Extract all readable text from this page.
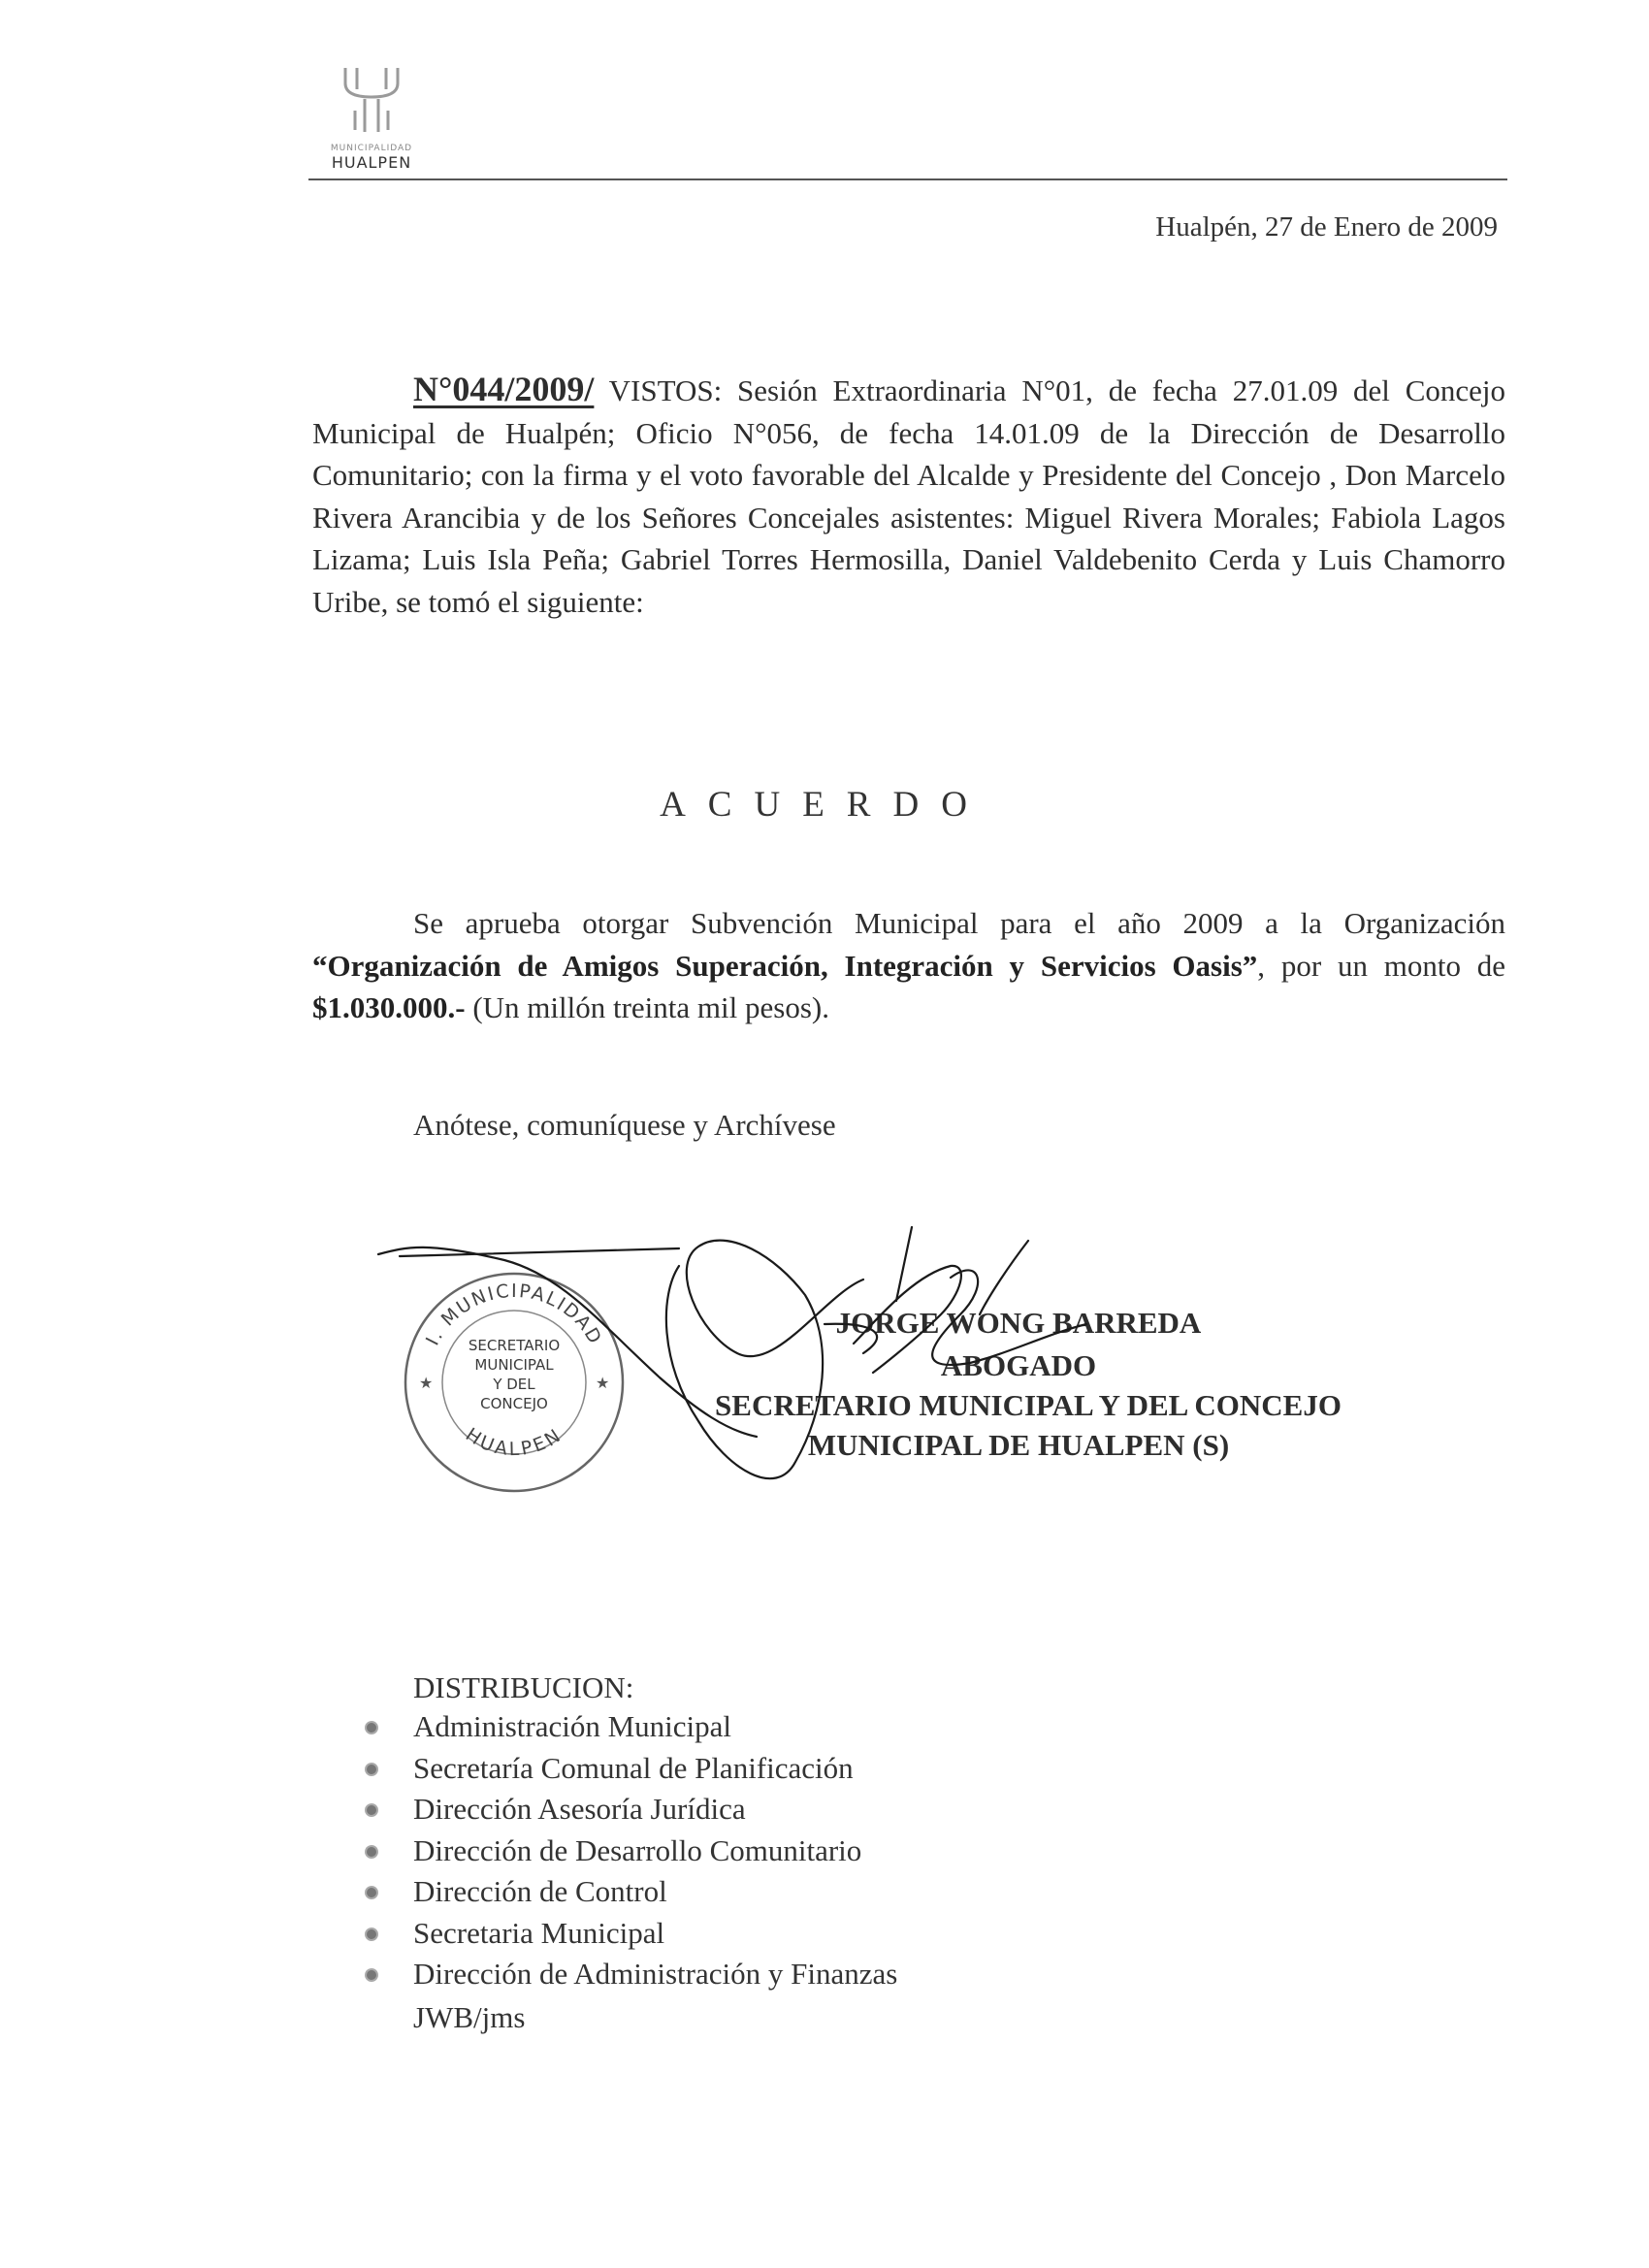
MUNICIPALIDAD
HUALPEN
Hualpén, 27 de Enero de 2009
N°044/2009/ VISTOS: Sesión Extraordinaria N°01, de fecha 27.01.09 del Concejo Municipal de Hualpén; Oficio N°056, de fecha 14.01.09 de la Dirección de Desarrollo Comunitario; con la firma y el voto favorable del Alcalde y Presidente del Concejo , Don Marcelo Rivera Arancibia y de los Señores Concejales asistentes: Miguel Rivera Morales; Fabiola Lagos Lizama; Luis Isla Peña; Gabriel Torres Hermosilla, Daniel Valdebenito Cerda y Luis Chamorro Uribe, se tomó el siguiente:
ACUERDO
Se aprueba otorgar Subvención Municipal para el año 2009 a la Organización “Organización de Amigos Superación, Integración y Servicios Oasis”, por un monto de $1.030.000.- (Un millón treinta mil pesos).
Anótese, comuníquese y Archívese
I. MUNICIPALIDAD
HUALPEN
★	★
SECRETARIO
MUNICIPAL
Y DEL
CONCEJO
JORGE WONG BARREDA
ABOGADO
SECRETARIO MUNICIPAL Y DEL CONCEJO
MUNICIPAL DE HUALPEN (S)
DISTRIBUCION:
Administración Municipal
Secretaría Comunal de Planificación
Dirección Asesoría Jurídica
Dirección de Desarrollo Comunitario
Dirección de Control
Secretaria Municipal
Dirección de Administración y Finanzas
JWB/jms
